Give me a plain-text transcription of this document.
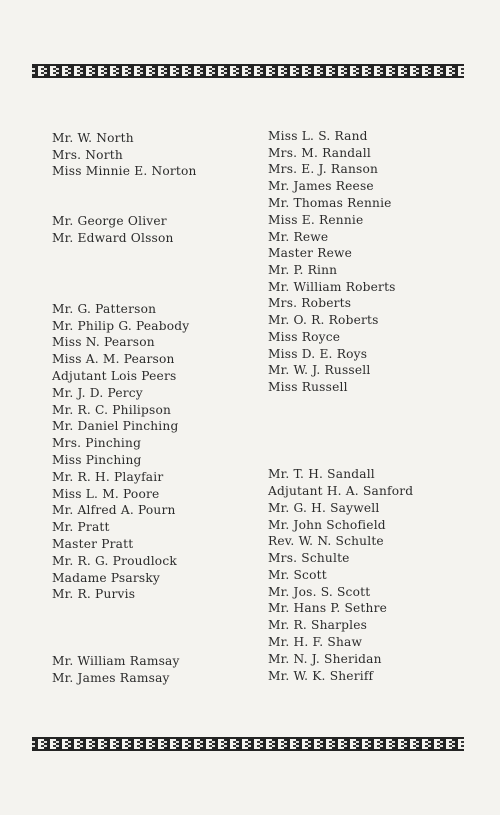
Mr. W. North
Mrs. North
Miss Minnie E. Norton
Mr. George Oliver
Mr. Edward Olsson
Mr. G. Patterson
Mr. Philip G. Peabody
Miss N. Pearson
Miss A. M. Pearson
Adjutant Lois Peers
Mr. J. D. Percy
Mr. R. C. Philipson
Mr. Daniel Pinching
Mrs. Pinching
Miss Pinching
Mr. R. H. Playfair
Miss L. M. Poore
Mr. Alfred A. Pourn
Mr. Pratt
Master Pratt
Mr. R. G. Proudlock
Madame Psarsky
Mr. R. Purvis
Mr. William Ramsay
Mr. James Ramsay
Miss L. S. Rand
Mrs. M. Randall
Mrs. E. J. Ranson
Mr. James Reese
Mr. Thomas Rennie
Miss E. Rennie
Mr. Rewe
Master Rewe
Mr. P. Rinn
Mr. William Roberts
Mrs. Roberts
Mr. O. R. Roberts
Miss Royce
Miss D. E. Roys
Mr. W. J. Russell
Miss Russell
Mr. T. H. Sandall
Adjutant H. A. Sanford
Mr. G. H. Saywell
Mr. John Schofield
Rev. W. N. Schulte
Mrs. Schulte
Mr. Scott
Mr. Jos. S. Scott
Mr. Hans P. Sethre
Mr. R. Sharples
Mr. H. F. Shaw
Mr. N. J. Sheridan
Mr. W. K. Sheriff
